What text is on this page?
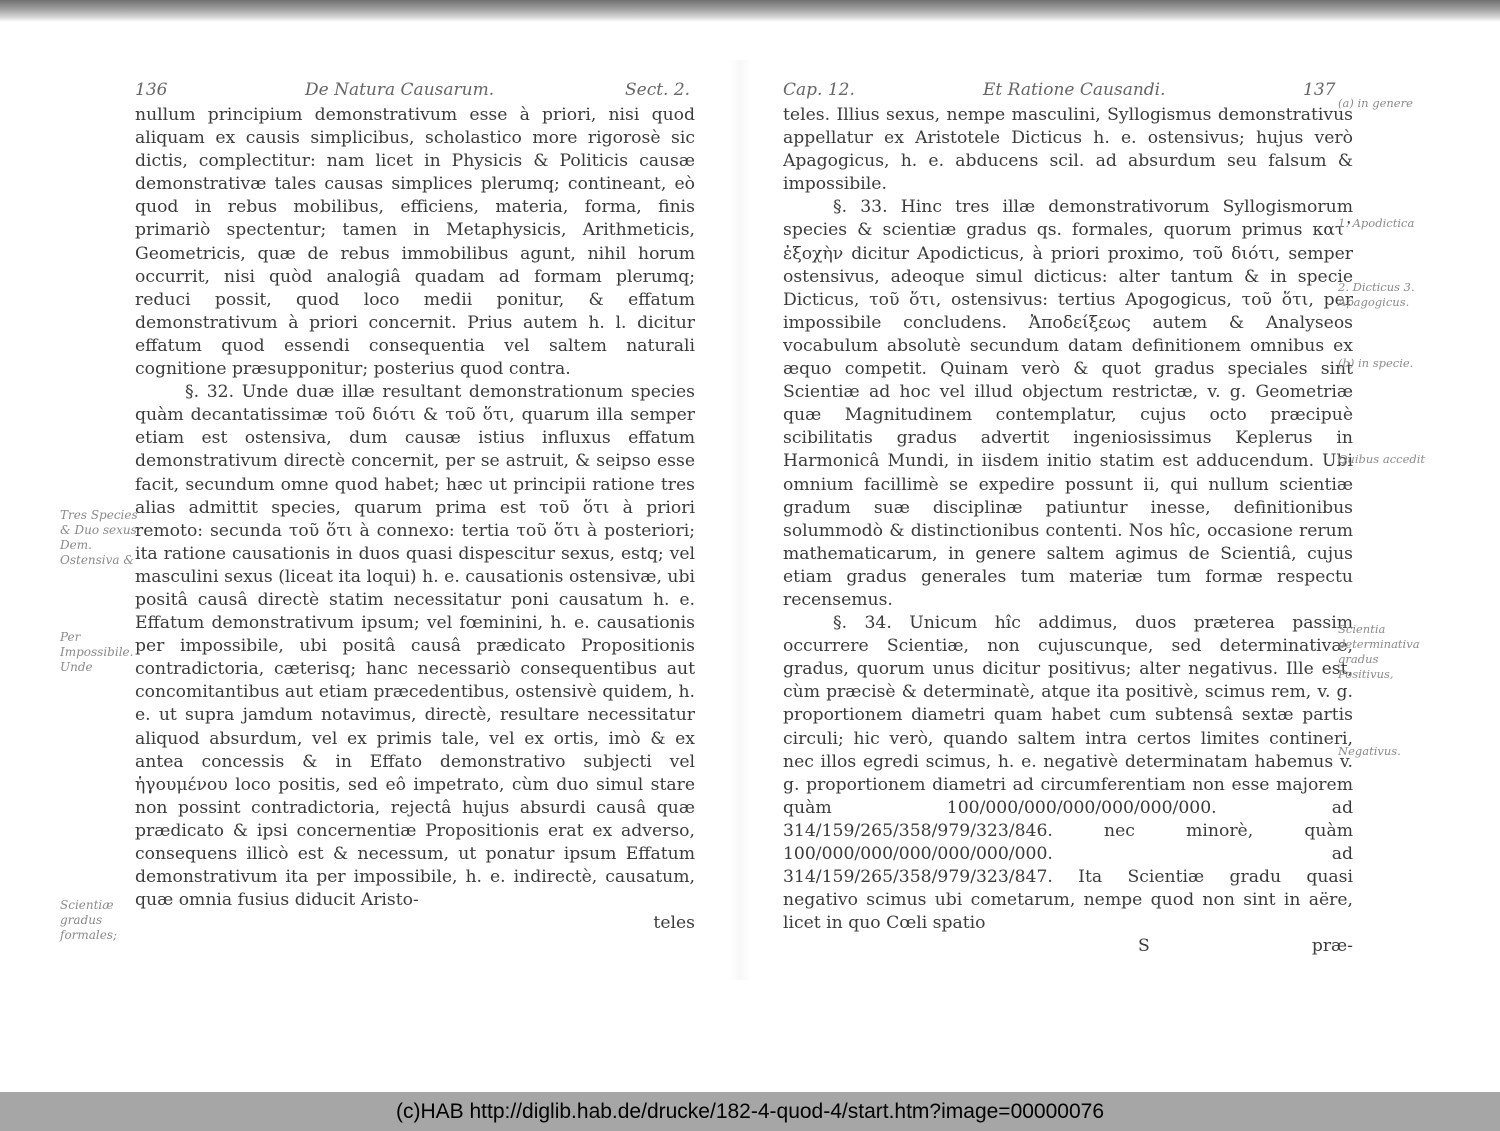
136	De Natura Causarum.	Sect. 2.

nullum principium demonstrativum esse à priori, nisi quod aliquam ex causis simplicibus, scholastico more rigorosè sic dictis, complectitur: nam licet in Physicis & Politicis causæ demonstrativæ tales causas simplices plerumq; contineant, eò quod in rebus mobilibus, efficiens, materia, forma, finis primariò spectentur; tamen in Metaphysicis, Arithmeticis, Geometricis, quæ de rebus immobilibus agunt, nihil horum occurrit, nisi quòd analogiâ quadam ad formam plerumq; reduci possit, quod loco medii ponitur, & effatum demonstrativum à priori concernit. Prius autem h. l. dicitur effatum quod essendi consequentia vel saltem naturali cognitione præsupponitur; posterius quod contra.

§. 32. Unde duæ illæ resultant demonstrationum species quàm decantatissimæ τοῦ διότι & τοῦ ὅτι, quarum illa semper etiam est ostensiva, dum causæ istius influxus effatum demonstrativum directè concernit, per se astruit, & seipso esse facit, secundum omne quod habet; hæc ut principii ratione tres alias admittit species, quarum prima est τοῦ ὅτι à priori remoto: secunda τοῦ ὅτι à connexo: tertia τοῦ ὅτι à posteriori; ita ratione causationis in duos quasi dispescitur sexus, estq; vel masculini sexus (liceat ita loqui) h. e. causationis ostensivæ, ubi positâ causâ directè statim necessitatur poni causatum h. e. Effatum demonstrativum ipsum; vel fœminini, h. e. causationis per impossibile, ubi positâ causâ prædicato Propositionis contradictoria, cæterisq; hanc necessariò consequentibus aut concomitantibus aut etiam præcedentibus, ostensivè quidem, h. e. ut supra jamdum notavimus, directè, resultare necessitatur aliquod absurdum, vel ex primis tale, vel ex ortis, imò & ex antea concessis & in Effato demonstrativo subjecti vel ἡγουμένου loco positis, sed eô impetrato, cùm duo simul stare non possint contradictoria, rejectâ hujus absurdi causâ quæ prædicato & ipsi concernentiæ Propositionis erat ex adverso, consequens illicò est & necessum, ut ponatur ipsum Effatum demonstrativum ita per impossibile, h. e. indirectè, causatum, quæ omnia fusius diducit Aristo-

teles
Tres Species & Duo sexus Dem. Ostensiva &
Per Impossibile. Unde
Scientiæ gradus formales;
Cap. 12.	Et Ratione Causandi.	137

teles. Illius sexus, nempe masculini, Syllogismus demonstrativus appellatur ex Aristotele Dicticus h. e. ostensivus; hujus verò Apagogicus, h. e. abducens scil. ad absurdum seu falsum & impossibile.

§. 33. Hinc tres illæ demonstrativorum Syllogismorum species & scientiæ gradus qs. formales, quorum primus κατ᾽ ἐξοχὴν dicitur Apodicticus, à priori proximo, τοῦ διότι, semper ostensivus, adeoque simul dicticus: alter tantum & in specie Dicticus, τοῦ ὅτι, ostensivus: tertius Apogogicus, τοῦ ὅτι, per impossibile concludens. Ἀποδείξεως autem & Analyseos vocabulum absolutè secundum datam definitionem omnibus ex æquo competit. Quinam verò & quot gradus speciales sint Scientiæ ad hoc vel illud objectum restrictæ, v. g. Geometriæ quæ Magnitudinem contemplatur, cujus octo præcipuè scibilitatis gradus advertit ingeniosissimus Keplerus in Harmonicâ Mundi, in iisdem initio statim est adducendum. Ubi omnium facillimè se expedire possunt ii, qui nullum scientiæ gradum suæ disciplinæ patiuntur inesse, definitionibus solummodò & distinctionibus contenti. Nos hîc, occasione rerum mathematicarum, in genere saltem agimus de Scientiâ, cujus etiam gradus generales tum materiæ tum formæ respectu recensemus.

§. 34. Unicum hîc addimus, duos præterea passim occurrere Scientiæ, non cujuscunque, sed determinativæ, gradus, quorum unus dicitur positivus; alter negativus. Ille est, cùm præcisè & determinatè, atque ita positivè, scimus rem, v. g. proportionem diametri quam habet cum subtensâ sextæ partis circuli; hic verò, quando saltem intra certos limites contineri, nec illos egredi scimus, h. e. negativè determinatam habemus v. g. proportionem diametri ad circumferentiam non esse majorem quàm 100/000/000/000/000/000/000. ad 314/159/265/358/979/323/846. nec minorè, quàm 100/000/000/000/000/000/000. ad 314/159/265/358/979/323/847. Ita Scientiæ gradu quasi negativo scimus ubi cometarum, nempe quod non sint in aëre, licet in quo Cœli spatio

S	præ-
(a) in genere
1. Apodictica
2. Dicticus 3. Apagogicus.
(b) in specie.
Quibus accedit
Scientia determinativa gradus Positivus,
Negativus.
(c)HAB http://diglib.hab.de/drucke/182-4-quod-4/start.htm?image=00000076
